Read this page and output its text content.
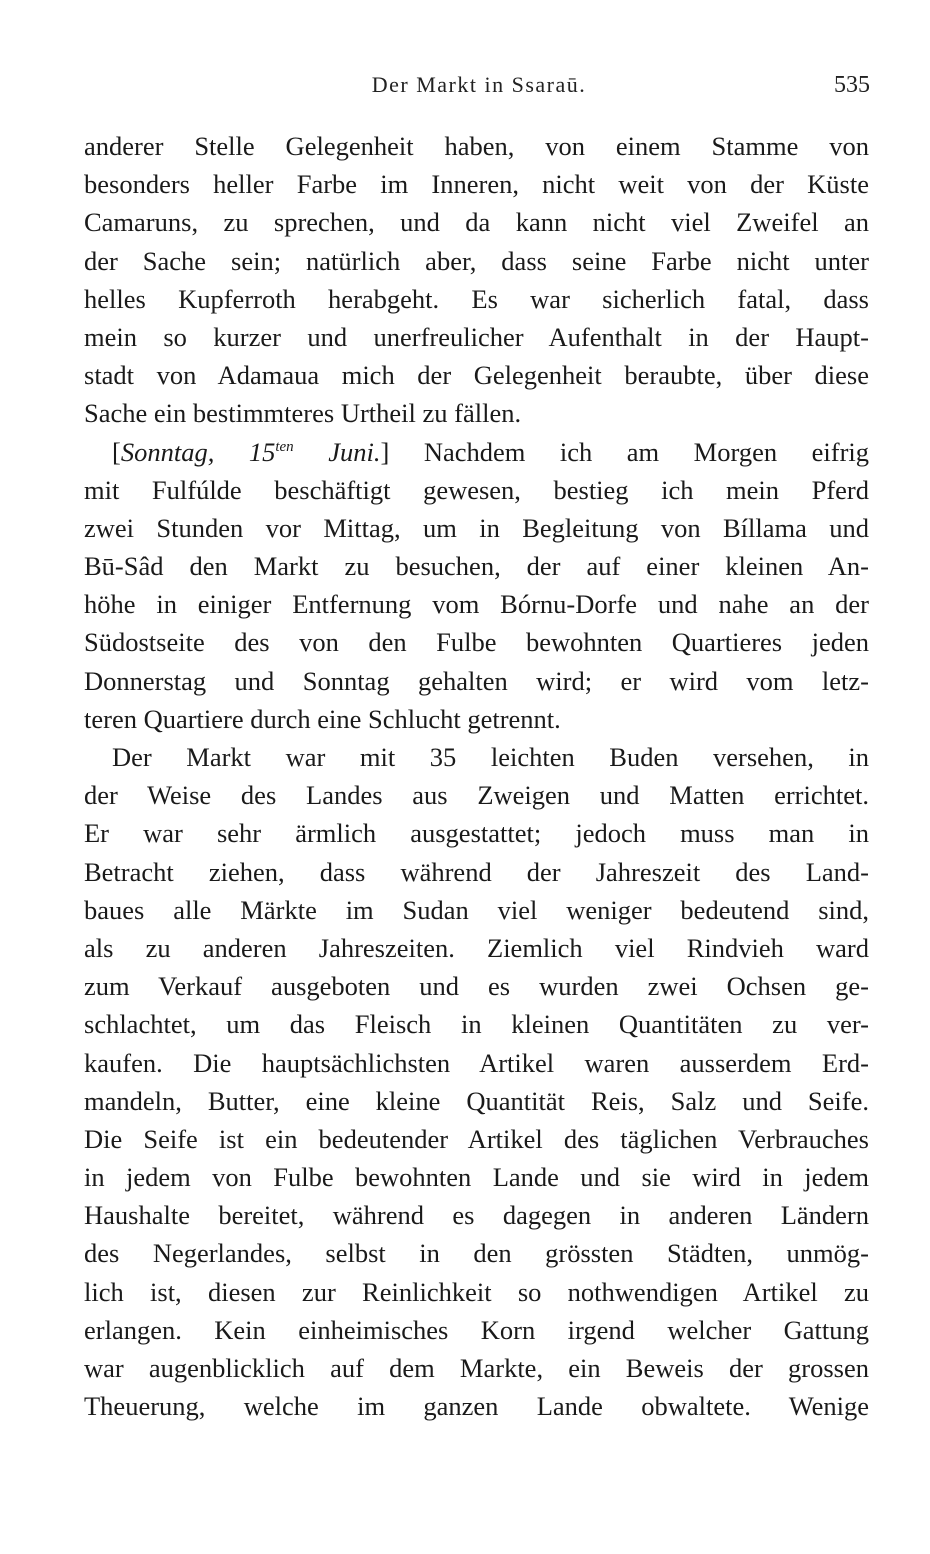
Der Markt in Ssaraū.	535
anderer Stelle Gelegenheit haben, von einem Stamme von
besonders heller Farbe im Inneren, nicht weit von der Küste
Camaruns, zu sprechen, und da kann nicht viel Zweifel an
der Sache sein; natürlich aber, dass seine Farbe nicht unter
helles Kupferroth herabgeht. Es war sicherlich fatal, dass
mein so kurzer und unerfreulicher Aufenthalt in der Haupt-
stadt von Adamaua mich der Gelegenheit beraubte, über diese
Sache ein bestimmteres Urtheil zu fällen.
[Sonntag, $15^{ten}$ Juni.] Nachdem ich am Morgen eifrig
mit Fulfúlde beschäftigt gewesen, bestieg ich mein Pferd
zwei Stunden vor Mittag, um in Begleitung von Bíllama und
Bū-Sâd den Markt zu besuchen, der auf einer kleinen An-
höhe in einiger Entfernung vom Bórnu-Dorfe und nahe an der
Südostseite des von den Fulbe bewohnten Quartieres jeden
Donnerstag und Sonntag gehalten wird; er wird vom letz-
teren Quartiere durch eine Schlucht getrennt.
Der Markt war mit 35 leichten Buden versehen, in
der Weise des Landes aus Zweigen und Matten errichtet.
Er war sehr ärmlich ausgestattet; jedoch muss man in
Betracht ziehen, dass während der Jahreszeit des Land-
baues alle Märkte im Sudan viel weniger bedeutend sind,
als zu anderen Jahreszeiten. Ziemlich viel Rindvieh ward
zum Verkauf ausgeboten und es wurden zwei Ochsen ge-
schlachtet, um das Fleisch in kleinen Quantitäten zu ver-
kaufen. Die hauptsächlichsten Artikel waren ausserdem Erd-
mandeln, Butter, eine kleine Quantität Reis, Salz und Seife.
Die Seife ist ein bedeutender Artikel des täglichen Verbrauches
in jedem von Fulbe bewohnten Lande und sie wird in jedem
Haushalte bereitet, während es dagegen in anderen Ländern
des Negerlandes, selbst in den grössten Städten, unmög-
lich ist, diesen zur Reinlichkeit so nothwendigen Artikel zu
erlangen. Kein einheimisches Korn irgend welcher Gattung
war augenblicklich auf dem Markte, ein Beweis der grossen
Theuerung, welche im ganzen Lande obwaltete. Wenige
